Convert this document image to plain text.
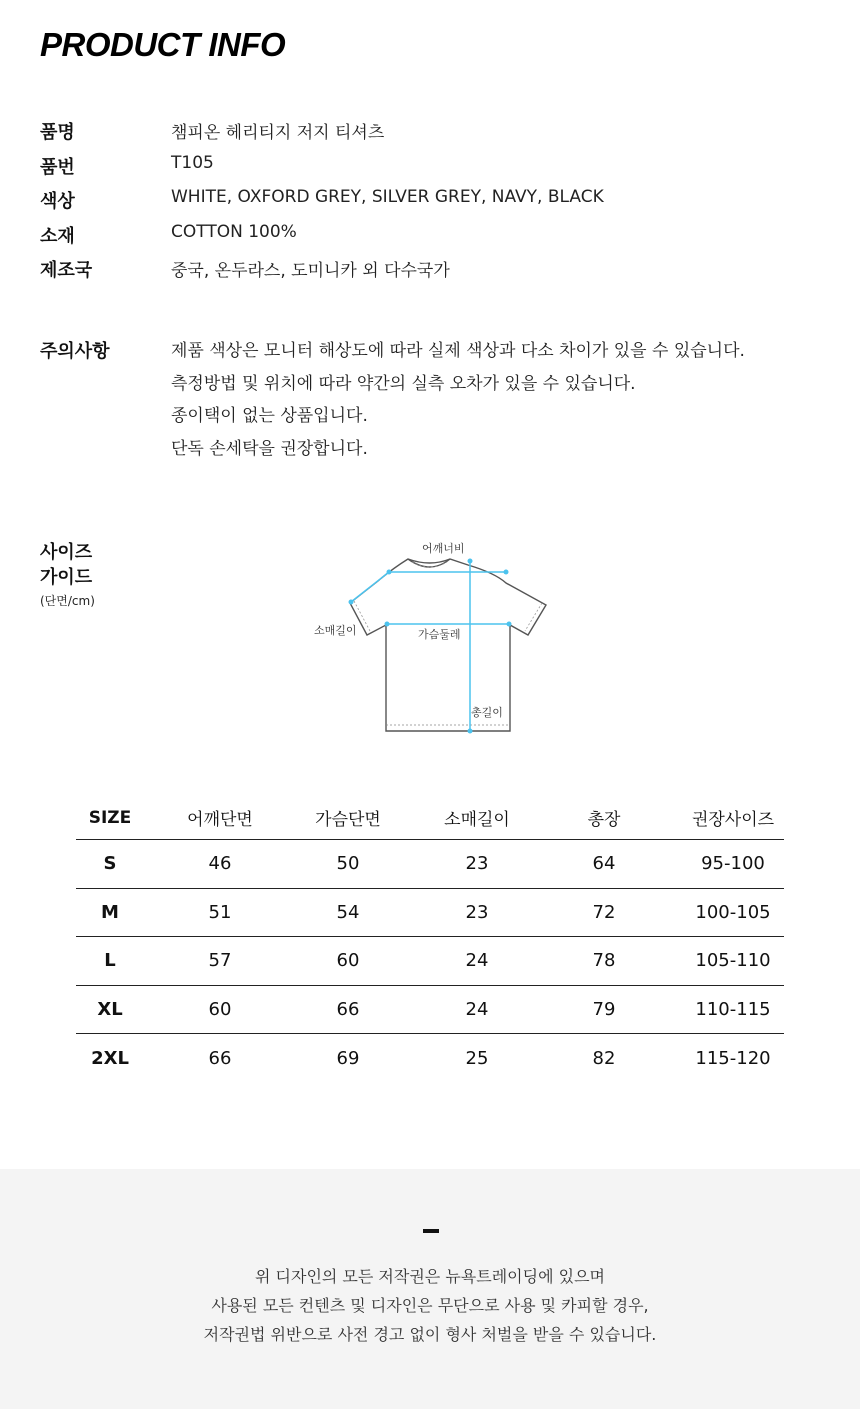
PRODUCT INFO
품명	챔피온 헤리티지 저지 티셔츠
품번	T105
색상	WHITE, OXFORD GREY, SILVER GREY, NAVY, BLACK
소재	COTTON 100%
제조국	중국, 온두라스, 도미니카 외 다수국가
주의사항	제품 색상은 모니터 해상도에 따라 실제 색상과 다소 차이가 있을 수 있습니다.
측정방법 및 위치에 따라 약간의 실측 오차가 있을 수 있습니다.
종이택이 없는 상품입니다.
단독 손세탁을 권장합니다.
사이즈
가이드
(단면/cm)
어깨너비
소매길이	가슴둘레
총길이
SIZE	어깨단면	가슴단면	소매길이	총장	권장사이즈
S	46	50	23	64	95-100
M	51	54	23	72	100-105
L	57	60	24	78	105-110
XL	60	66	24	79	110-115
2XL	66	69	25	82	115-120
위 디자인의 모든 저작권은 뉴욕트레이딩에 있으며
사용된 모든 컨텐츠 및 디자인은 무단으로 사용 및 카피할 경우,
저작권법 위반으로 사전 경고 없이 형사 처벌을 받을 수 있습니다.
